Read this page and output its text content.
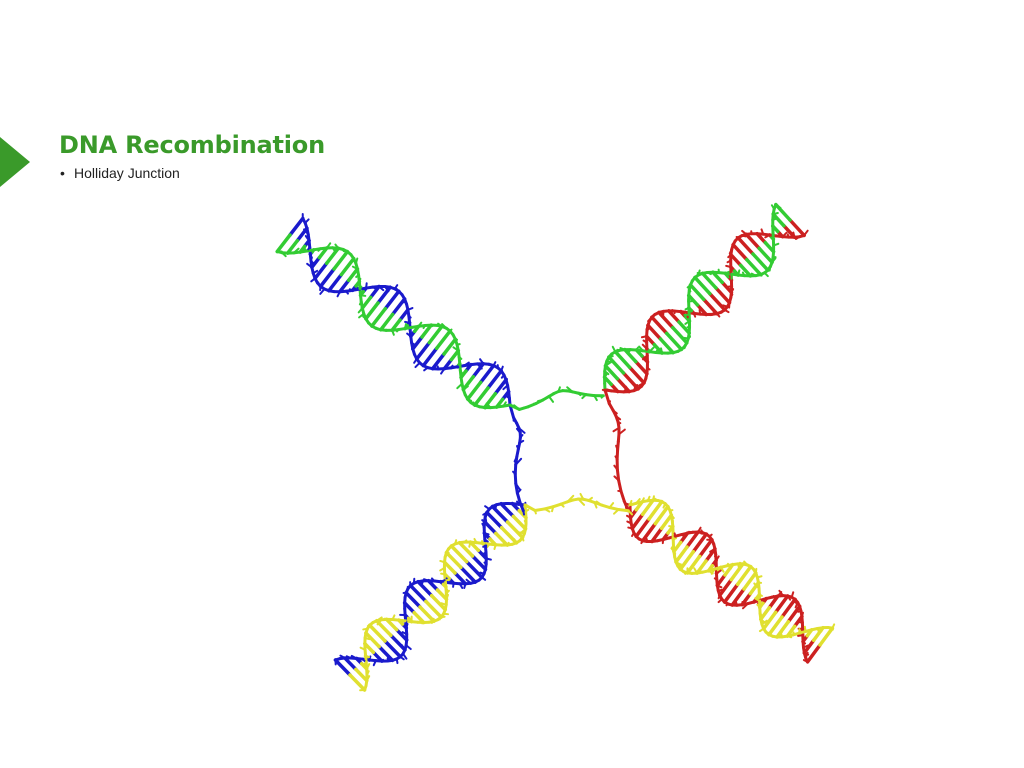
DNA Recombination
• Holliday Junction
